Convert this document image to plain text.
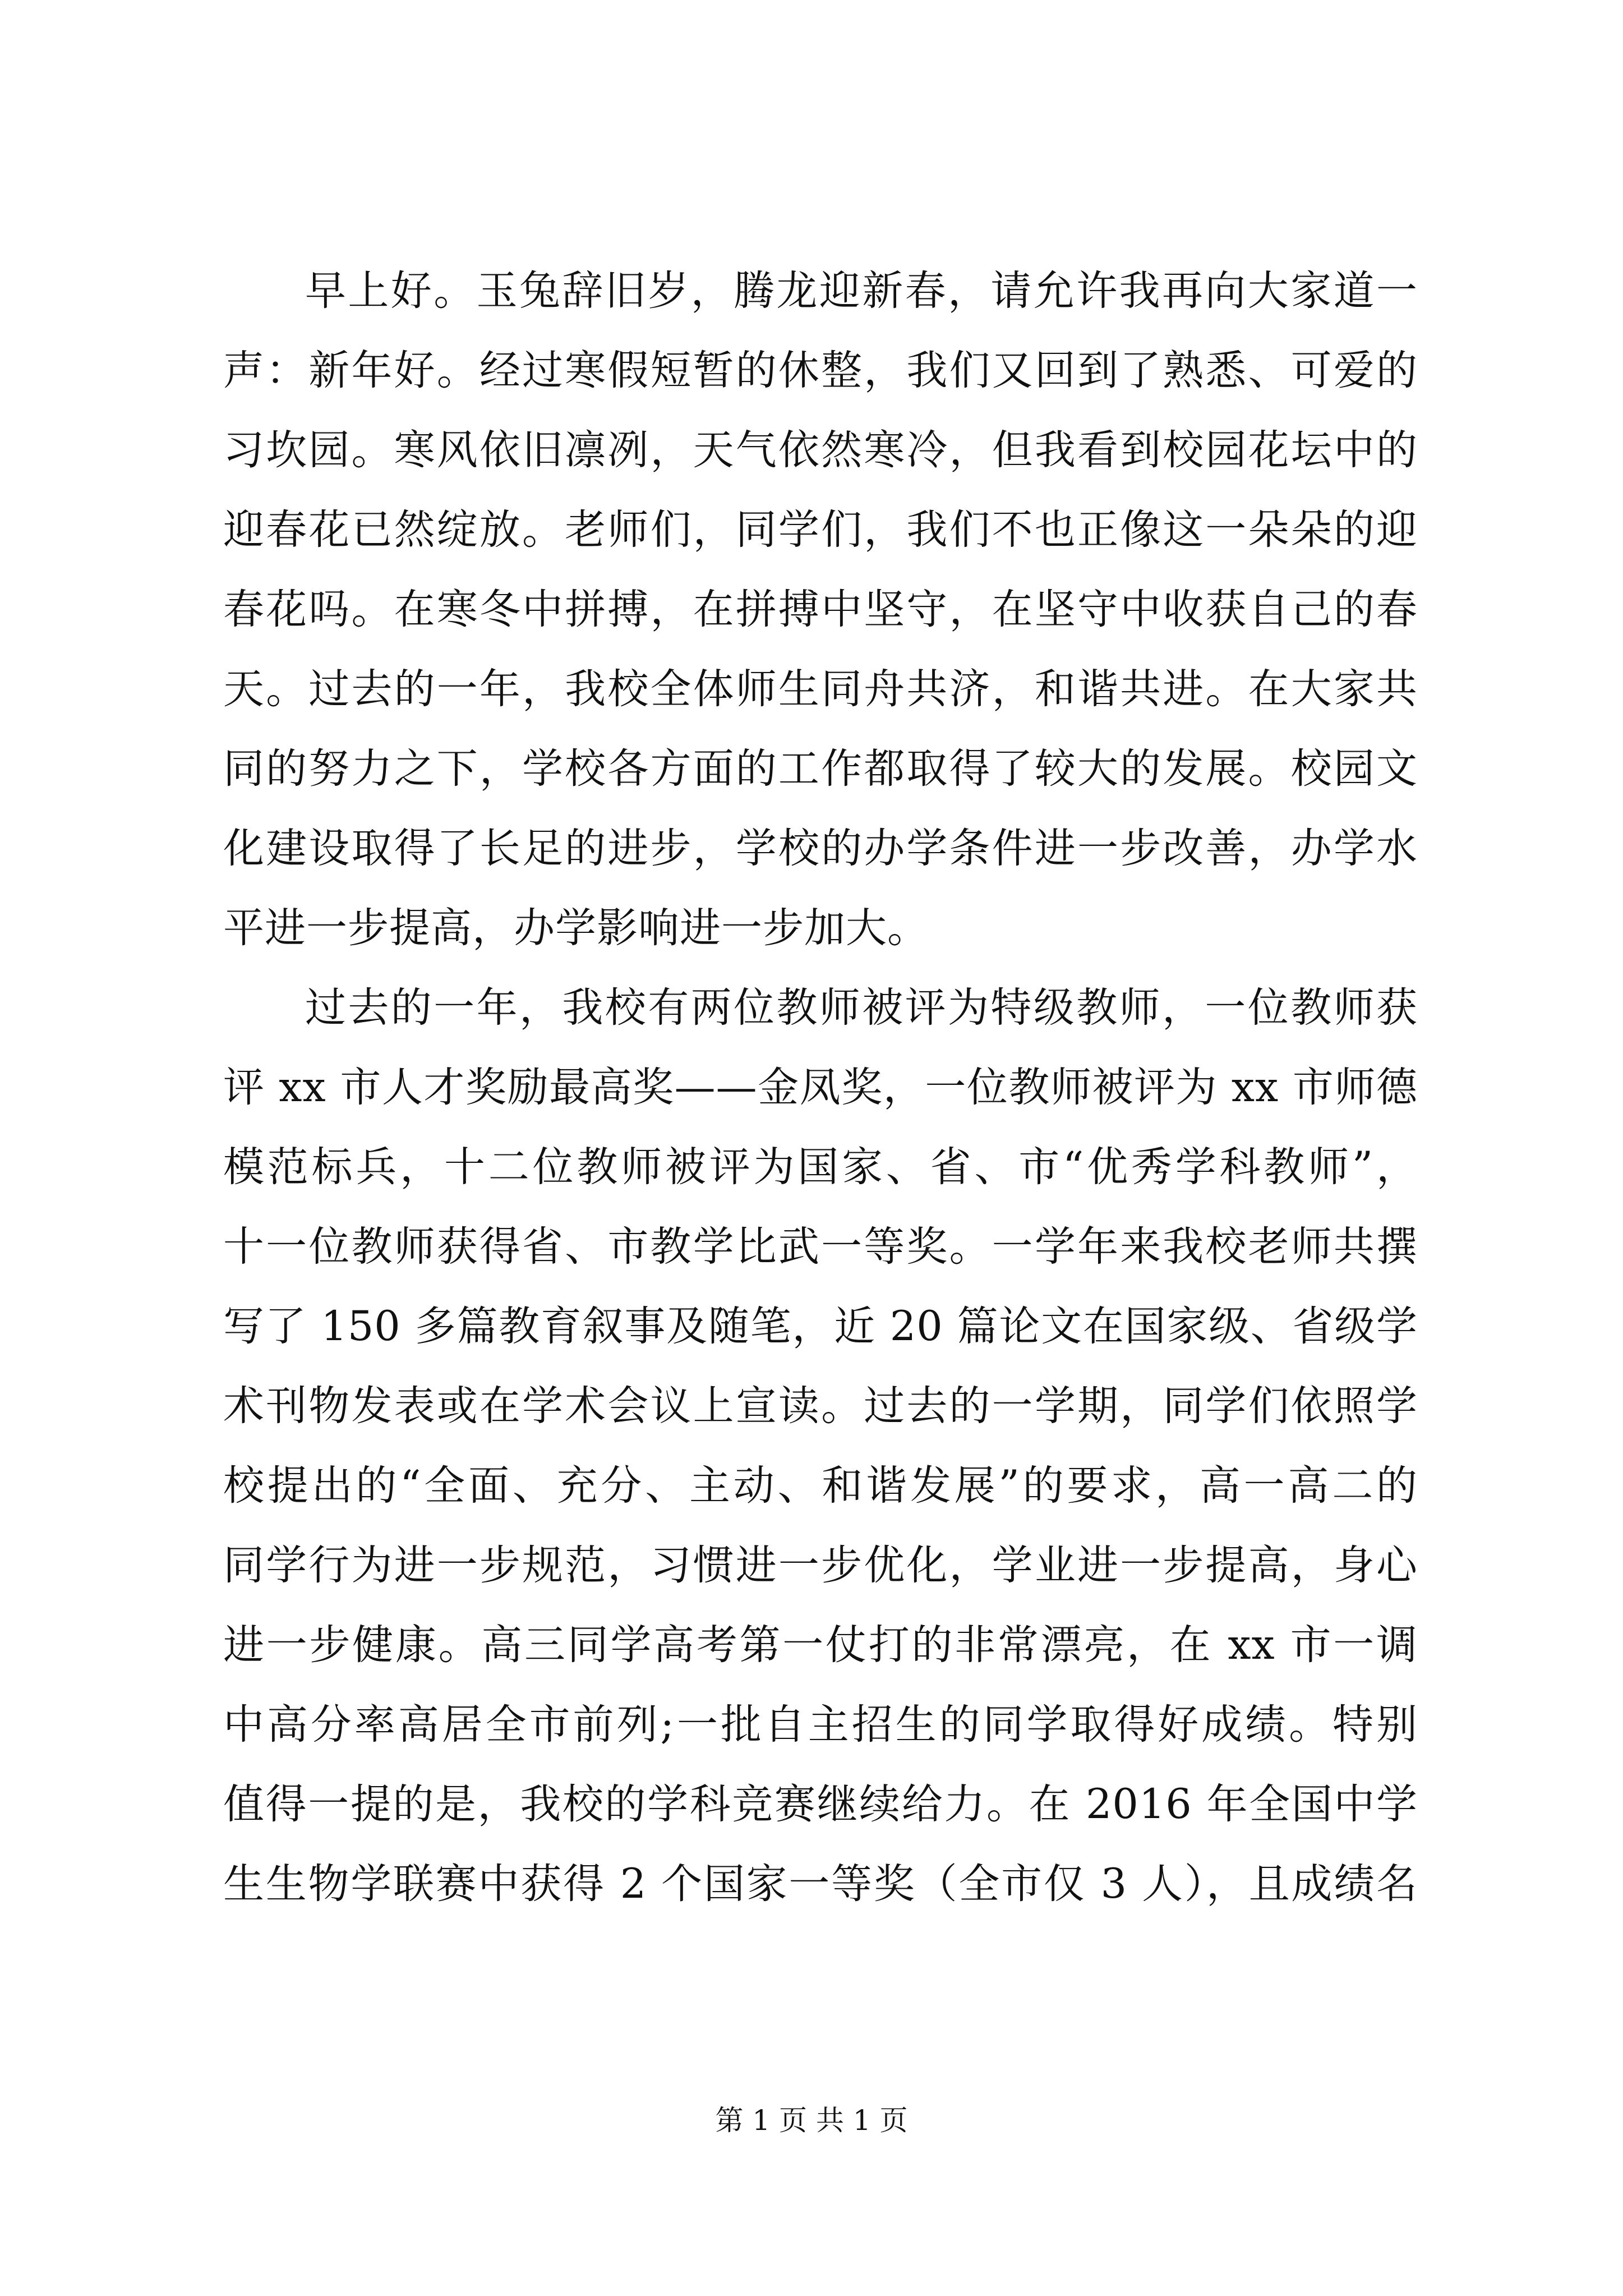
早上好。玉兔辞旧岁，腾龙迎新春，请允许我再向大家道一
声：新年好。经过寒假短暂的休整，我们又回到了熟悉、可爱的
习坎园。寒风依旧凛冽，天气依然寒冷，但我看到校园花坛中的
迎春花已然绽放。老师们，同学们，我们不也正像这一朵朵的迎
春花吗。在寒冬中拼搏，在拼搏中坚守，在坚守中收获自己的春
天。过去的一年，我校全体师生同舟共济，和谐共进。在大家共
同的努力之下，学校各方面的工作都取得了较大的发展。校园文
化建设取得了长足的进步，学校的办学条件进一步改善，办学水
平进一步提高，办学影响进一步加大。
过去的一年，我校有两位教师被评为特级教师，一位教师获
评 xx 市人才奖励最高奖——金凤奖，一位教师被评为 xx 市师德
模范标兵，十二位教师被评为国家、省、市“优秀学科教师”，
十一位教师获得省、市教学比武一等奖。一学年来我校老师共撰
写了 150 多篇教育叙事及随笔，近 20 篇论文在国家级、省级学
术刊物发表或在学术会议上宣读。过去的一学期，同学们依照学
校提出的“全面、充分、主动、和谐发展”的要求，高一高二的
同学行为进一步规范，习惯进一步优化，学业进一步提高，身心
进一步健康。高三同学高考第一仗打的非常漂亮，在 xx 市一调
中高分率高居全市前列;一批自主招生的同学取得好成绩。特别
值得一提的是，我校的学科竞赛继续给力。在 2016 年全国中学
生生物学联赛中获得 2 个国家一等奖（全市仅 3 人），且成绩名
第 1 页 共 1 页
